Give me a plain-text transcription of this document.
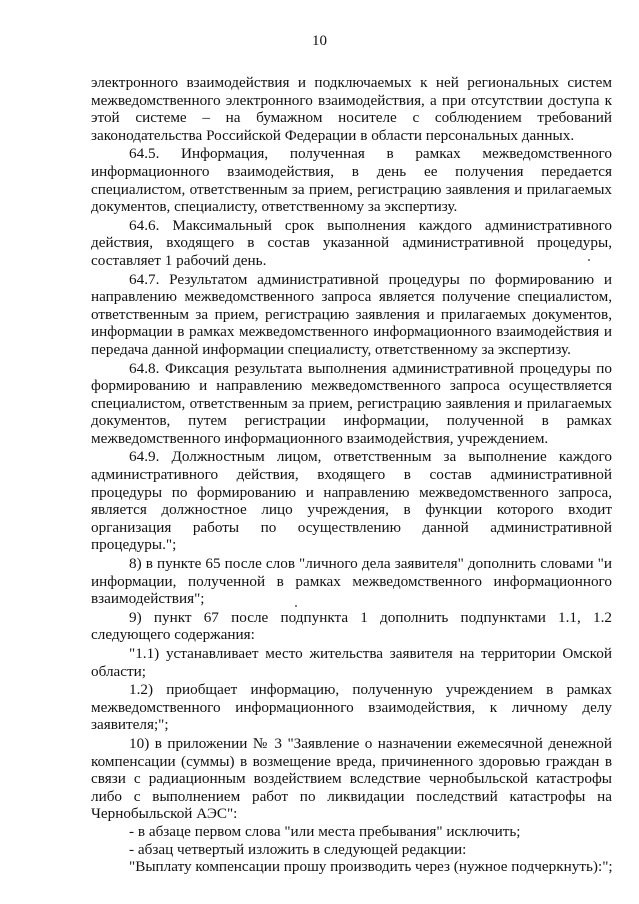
10

электронного взаимодействия и подключаемых к ней региональных систем межведомственного электронного взаимодействия, а при отсутствии доступа к этой системе – на бумажном носителе с соблюдением требований законодательства Российской Федерации в области персональных данных.

64.5. Информация, полученная в рамках межведомственного информационного взаимодействия, в день ее получения передается специалистом, ответственным за прием, регистрацию заявления и прилагаемых документов, специалисту, ответственному за экспертизу.

64.6. Максимальный срок выполнения каждого административного действия, входящего в состав указанной административной процедуры, составляет 1 рабочий день.

64.7. Результатом административной процедуры по формированию и направлению межведомственного запроса является получение специалистом, ответственным за прием, регистрацию заявления и прилагаемых документов, информации в рамках межведомственного информационного взаимодействия и передача данной информации специалисту, ответственному за экспертизу.

64.8. Фиксация результата выполнения административной процедуры по формированию и направлению межведомственного запроса осуществляется специалистом, ответственным за прием, регистрацию заявления и прилагаемых документов, путем регистрации информации, полученной в рамках межведомственного информационного взаимодействия, учреждением.

64.9. Должностным лицом, ответственным за выполнение каждого административного действия, входящего в состав административной процедуры по формированию и направлению межведомственного запроса, является должностное лицо учреждения, в функции которого входит организация работы по осуществлению данной административной процедуры.";

8) в пункте 65 после слов "личного дела заявителя" дополнить словами "и информации, полученной в рамках межведомственного информационного взаимодействия";

9) пункт 67 после подпункта 1 дополнить подпунктами 1.1, 1.2 следующего содержания:

"1.1) устанавливает место жительства заявителя на территории Омской области;

1.2) приобщает информацию, полученную учреждением в рамках межведомственного информационного взаимодействия, к личному делу заявителя;";

10) в приложении № 3 "Заявление о назначении ежемесячной денежной компенсации (суммы) в возмещение вреда, причиненного здоровью граждан в связи с радиационным воздействием вследствие чернобыльской катастрофы либо с выполнением работ по ликвидации последствий катастрофы на Чернобыльской АЭС":

- в абзаце первом слова "или места пребывания" исключить;

- абзац четвертый изложить в следующей редакции:

"Выплату компенсации прошу производить через (нужное подчеркнуть):";
